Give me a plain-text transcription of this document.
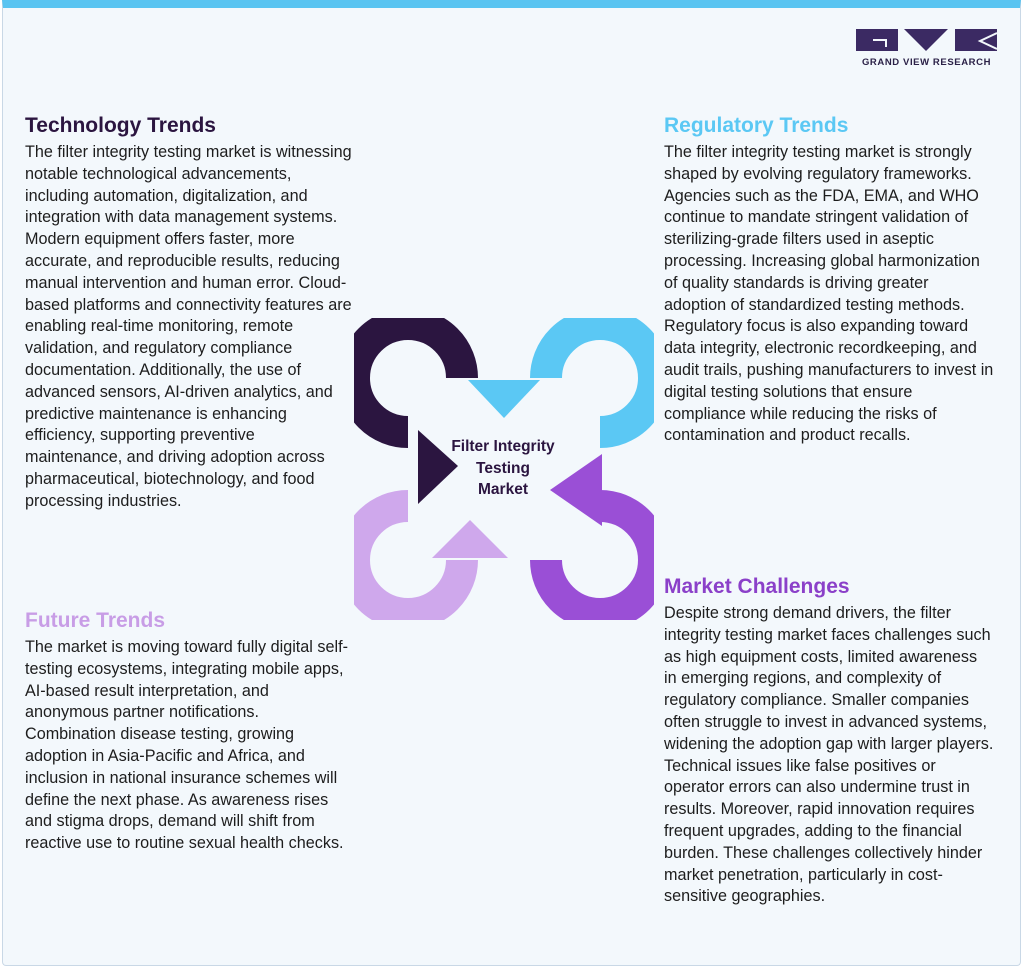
GRAND VIEW RESEARCH
Technology Trends

The filter integrity testing market is witnessing notable technological advancements, including automation, digitalization, and integration with data management systems. Modern equipment offers faster, more accurate, and reproducible results, reducing manual intervention and human error. Cloud-based platforms and connectivity features are enabling real-time monitoring, remote validation, and regulatory compliance documentation. Additionally, the use of advanced sensors, AI-driven analytics, and predictive maintenance is enhancing efficiency, supporting preventive maintenance, and driving adoption across pharmaceutical, biotechnology, and food processing industries.

Regulatory Trends

The filter integrity testing market is strongly shaped by evolving regulatory frameworks. Agencies such as the FDA, EMA, and WHO continue to mandate stringent validation of sterilizing-grade filters used in aseptic processing. Increasing global harmonization of quality standards is driving greater adoption of standardized testing methods. Regulatory focus is also expanding toward data integrity, electronic recordkeeping, and audit trails, pushing manufacturers to invest in digital testing solutions that ensure compliance while reducing the risks of contamination and product recalls.

Future Trends

The market is moving toward fully digital self-testing ecosystems, integrating mobile apps, AI-based result interpretation, and anonymous partner notifications. Combination disease testing, growing adoption in Asia-Pacific and Africa, and inclusion in national insurance schemes will define the next phase. As awareness rises and stigma drops, demand will shift from reactive use to routine sexual health checks.

Market Challenges

Despite strong demand drivers, the filter integrity testing market faces challenges such as high equipment costs, limited awareness in emerging regions, and complexity of regulatory compliance. Smaller companies often struggle to invest in advanced systems, widening the adoption gap with larger players. Technical issues like false positives or operator errors can also undermine trust in results. Moreover, rapid innovation requires frequent upgrades, adding to the financial burden. These challenges collectively hinder market penetration, particularly in cost-sensitive geographies.

Filter Integrity
Testing
Market
